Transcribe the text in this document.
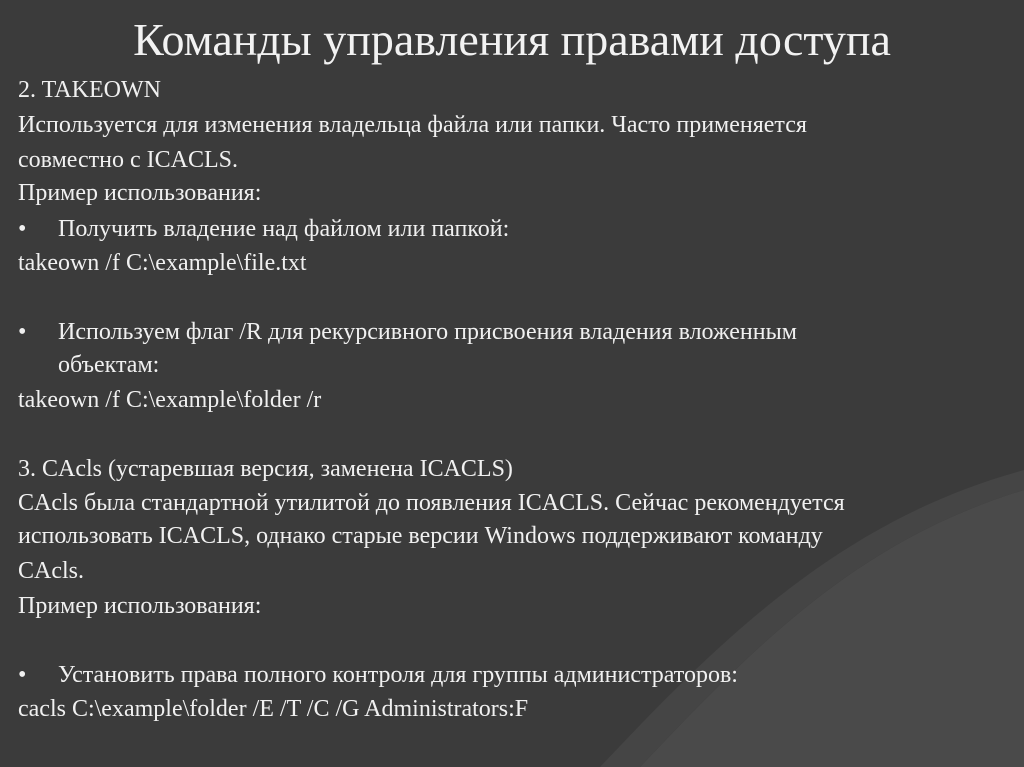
Команды управления правами доступа
2. TAKEOWN
Используется для изменения владельца файла или папки. Часто применяется
совместно с ICACLS.
Пример использования:
• Получить владение над файлом или папкой:
takeown /f C:\example\file.txt
• Используем флаг /R для рекурсивного присвоения владения вложенным
объектам:
takeown /f C:\example\folder /r
3. CAcls (устаревшая версия, заменена ICACLS)
CAcls была стандартной утилитой до появления ICACLS. Сейчас рекомендуется
использовать ICACLS, однако старые версии Windows поддерживают команду
CAcls.
Пример использования:
• Установить права полного контроля для группы администраторов:
cacls C:\example\folder /E /T /C /G Administrators:F
